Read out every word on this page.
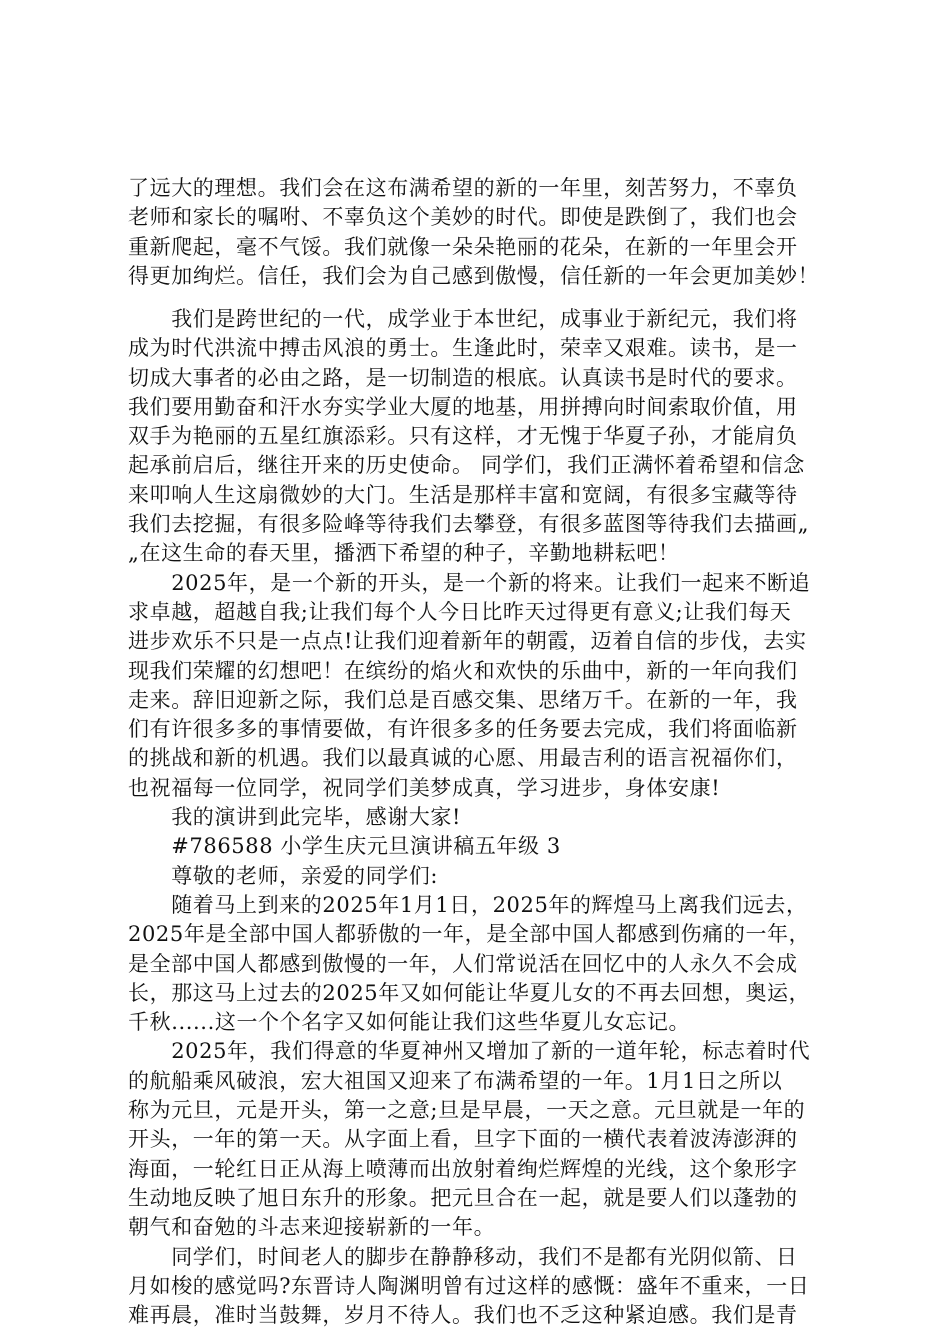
了远大的理想。我们会在这布满希望的新的一年里，刻苦努力，不辜负
老师和家长的嘱咐、不辜负这个美妙的时代。即使是跌倒了，我们也会
重新爬起，毫不气馁。我们就像一朵朵艳丽的花朵，在新的一年里会开
得更加绚烂。信任，我们会为自己感到傲慢，信任新的一年会更加美妙！
　　我们是跨世纪的一代，成学业于本世纪，成事业于新纪元，我们将
成为时代洪流中搏击风浪的勇士。生逢此时，荣幸又艰难。读书，是一
切成大事者的必由之路，是一切制造的根底。认真读书是时代的要求。
我们要用勤奋和汗水夯实学业大厦的地基，用拼搏向时间索取价值，用
双手为艳丽的五星红旗添彩。只有这样，才无愧于华夏子孙，才能肩负
起承前启后，继往开来的历史使命。 同学们，我们正满怀着希望和信念
来叩响人生这扇微妙的大门。生活是那样丰富和宽阔，有很多宝藏等待
我们去挖掘，有很多险峰等待我们去攀登，有很多蓝图等待我们去描画„
„在这生命的春天里，播洒下希望的种子，辛勤地耕耘吧！
　　2025年，是一个新的开头，是一个新的将来。让我们一起来不断追
求卓越，超越自我;让我们每个人今日比昨天过得更有意义;让我们每天
进步欢乐不只是一点点!让我们迎着新年的朝霞，迈着自信的步伐，去实
现我们荣耀的幻想吧！在缤纷的焰火和欢快的乐曲中，新的一年向我们
走来。辞旧迎新之际，我们总是百感交集、思绪万千。在新的一年，我
们有许很多多的事情要做，有许很多多的任务要去完成，我们将面临新
的挑战和新的机遇。我们以最真诚的心愿、用最吉利的语言祝福你们，
也祝福每一位同学，祝同学们美梦成真，学习进步，身体安康!
　　我的演讲到此完毕，感谢大家!
　　#786588 小学生庆元旦演讲稿五年级 3
　　尊敬的老师，亲爱的同学们:
　　随着马上到来的2025年1月1日，2025年的辉煌马上离我们远去，
2025年是全部中国人都骄傲的一年，是全部中国人都感到伤痛的一年，
是全部中国人都感到傲慢的一年，人们常说活在回忆中的人永久不会成
长，那这马上过去的2025年又如何能让华夏儿女的不再去回想，奥运，
千秋......这一个个名字又如何能让我们这些华夏儿女忘记。
　　2025年，我们得意的华夏神州又增加了新的一道年轮，标志着时代
的航船乘风破浪，宏大祖国又迎来了布满希望的一年。1月1日之所以
称为元旦，元是开头，第一之意;旦是早晨，一天之意。元旦就是一年的
开头，一年的第一天。从字面上看，旦字下面的一横代表着波涛澎湃的
海面，一轮红日正从海上喷薄而出放射着绚烂辉煌的光线，这个象形字
生动地反映了旭日东升的形象。把元旦合在一起，就是要人们以蓬勃的
朝气和奋勉的斗志来迎接崭新的一年。
　　同学们，时间老人的脚步在静静移动，我们不是都有光阴似箭、日
月如梭的感觉吗?东晋诗人陶渊明曾有过这样的感慨：盛年不重来，一日
难再晨，准时当鼓舞，岁月不待人。我们也不乏这种紧迫感。我们是青
